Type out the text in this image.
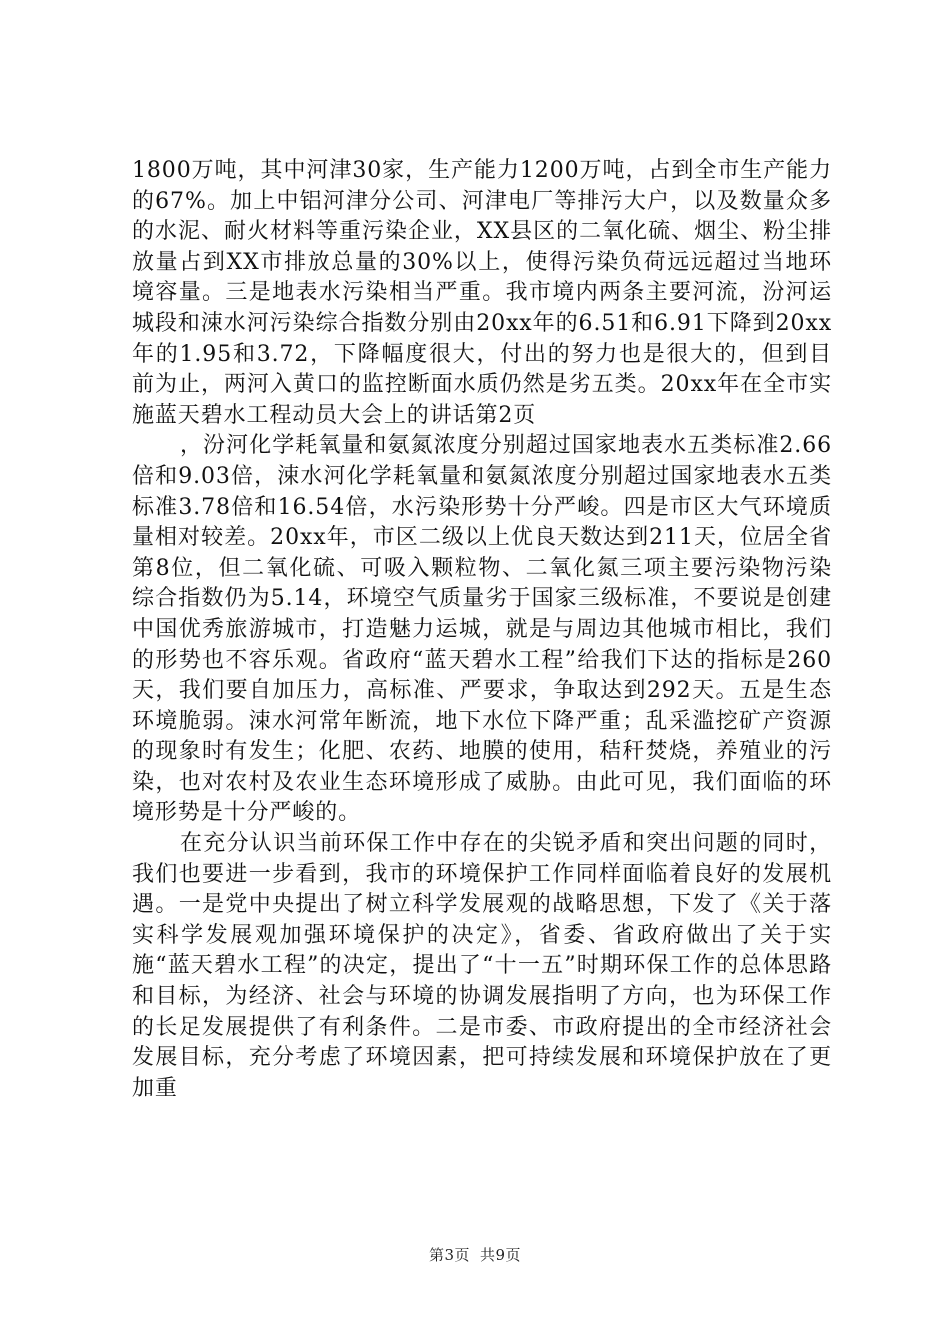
1800万吨，其中河津30家，生产能力1200万吨，占到全市生产能力的67%。加上中铝河津分公司、河津电厂等排污大户，以及数量众多的水泥、耐火材料等重污染企业，XX县区的二氧化硫、烟尘、粉尘排放量占到XX市排放总量的30%以上，使得污染负荷远远超过当地环境容量。三是地表水污染相当严重。我市境内两条主要河流，汾河运城段和涑水河污染综合指数分别由20xx年的6.51和6.91下降到20xx年的1.95和3.72，下降幅度很大，付出的努力也是很大的，但到目前为止，两河入黄口的监控断面水质仍然是劣五类。20xx年在全市实施蓝天碧水工程动员大会上的讲话第2页

，汾河化学耗氧量和氨氮浓度分别超过国家地表水五类标准2.66倍和9.03倍，涑水河化学耗氧量和氨氮浓度分别超过国家地表水五类标准3.78倍和16.54倍，水污染形势十分严峻。四是市区大气环境质量相对较差。20xx年，市区二级以上优良天数达到211天，位居全省第8位，但二氧化硫、可吸入颗粒物、二氧化氮三项主要污染物污染综合指数仍为5.14，环境空气质量劣于国家三级标准，不要说是创建中国优秀旅游城市，打造魅力运城，就是与周边其他城市相比，我们的形势也不容乐观。省政府“蓝天碧水工程”给我们下达的指标是260天，我们要自加压力，高标准、严要求，争取达到292天。五是生态环境脆弱。涑水河常年断流，地下水位下降严重；乱采滥挖矿产资源的现象时有发生；化肥、农药、地膜的使用，秸秆焚烧，养殖业的污染，也对农村及农业生态环境形成了威胁。由此可见，我们面临的环境形势是十分严峻的。

在充分认识当前环保工作中存在的尖锐矛盾和突出问题的同时，我们也要进一步看到，我市的环境保护工作同样面临着良好的发展机遇。一是党中央提出了树立科学发展观的战略思想，下发了《关于落实科学发展观加强环境保护的决定》，省委、省政府做出了关于实施“蓝天碧水工程”的决定，提出了“十一五”时期环保工作的总体思路和目标，为经济、社会与环境的协调发展指明了方向，也为环保工作的长足发展提供了有利条件。二是市委、市政府提出的全市经济社会发展目标，充分考虑了环境因素，把可持续发展和环境保护放在了更加重

第3页 共9页
